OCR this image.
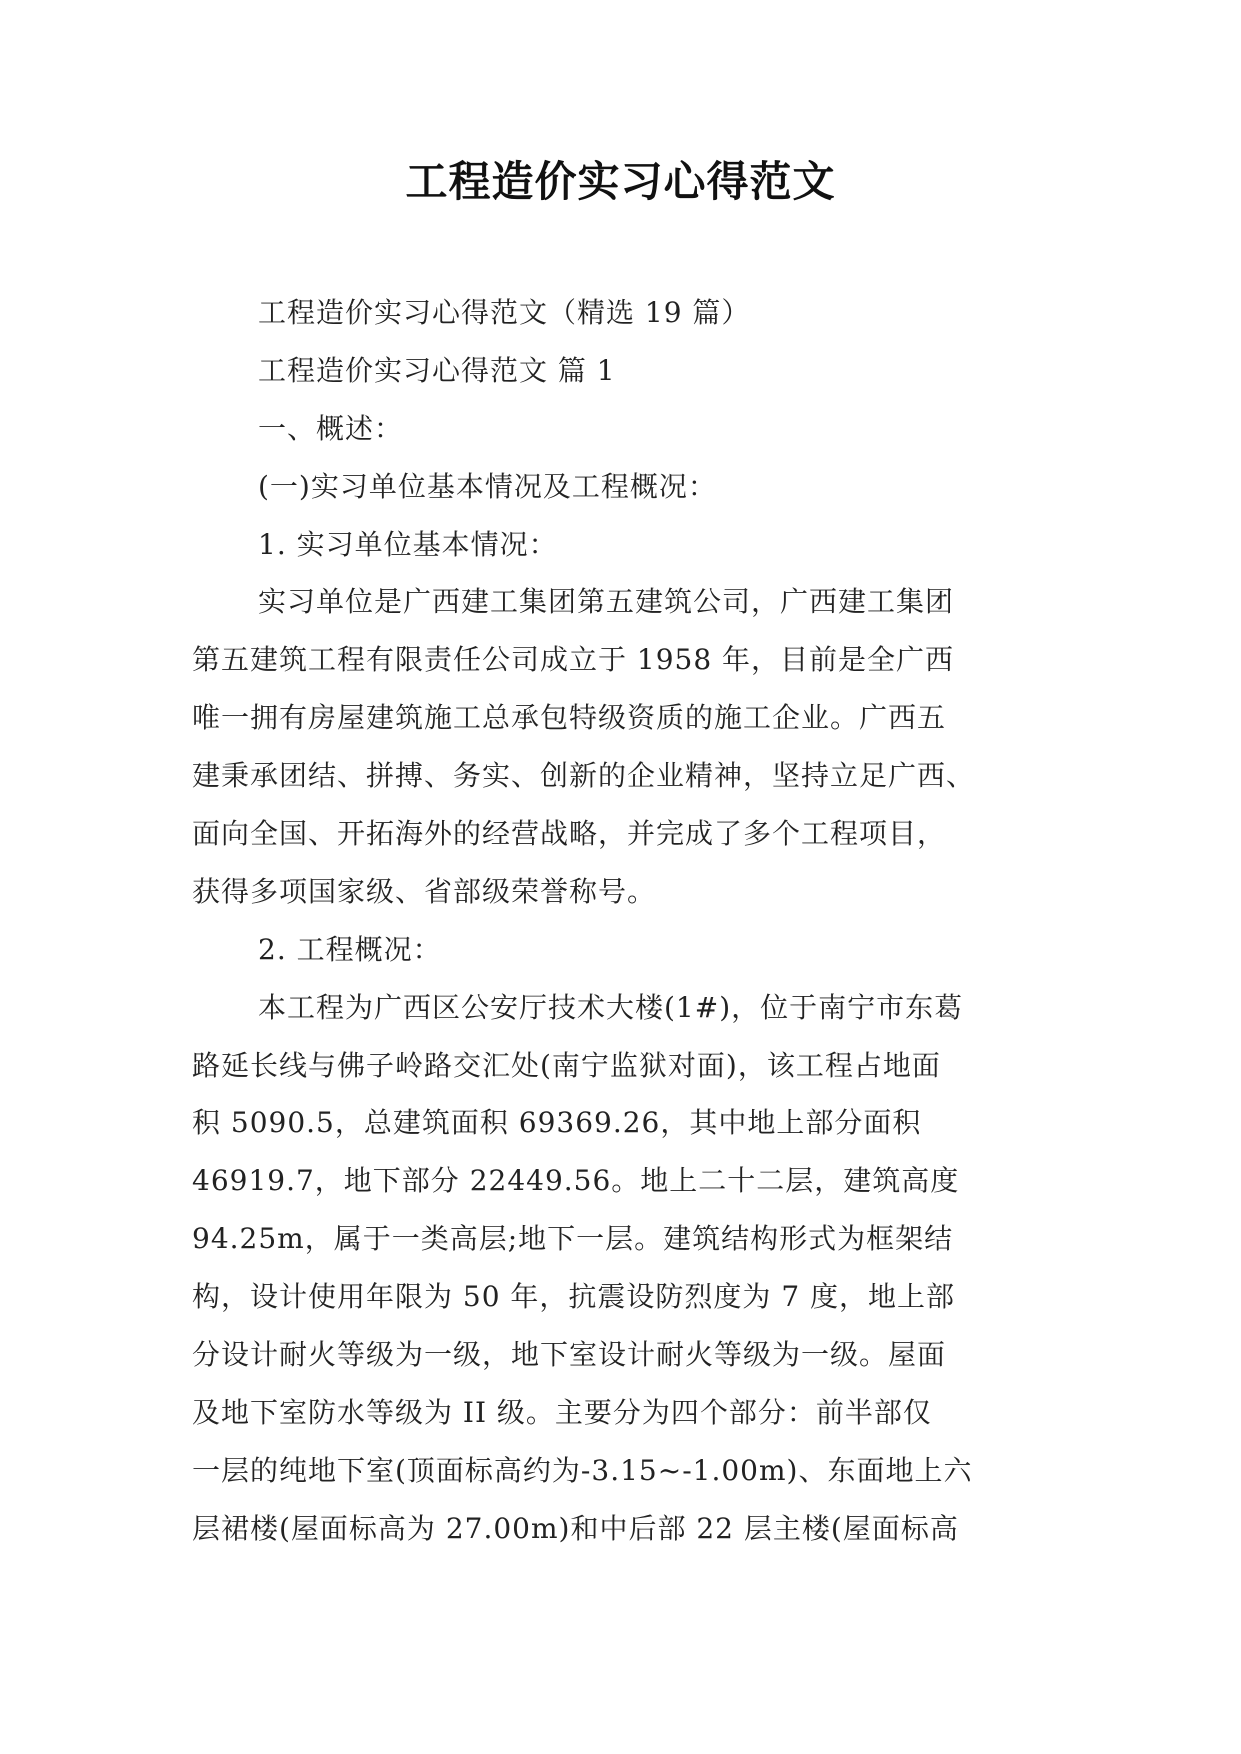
工程造价实习心得范文

工程造价实习心得范文（精选 19 篇）

工程造价实习心得范文 篇 1

一、概述：

(一)实习单位基本情况及工程概况：

1. 实习单位基本情况：

实习单位是广西建工集团第五建筑公司，广西建工集团

第五建筑工程有限责任公司成立于 1958 年，目前是全广西

唯一拥有房屋建筑施工总承包特级资质的施工企业。广西五

建秉承团结、拼搏、务实、创新的企业精神，坚持立足广西、

面向全国、开拓海外的经营战略，并完成了多个工程项目，

获得多项国家级、省部级荣誉称号。

2. 工程概况：

本工程为广西区公安厅技术大楼(1#)，位于南宁市东葛

路延长线与佛子岭路交汇处(南宁监狱对面)，该工程占地面

积 5090.5，总建筑面积 69369.26，其中地上部分面积

46919.7，地下部分 22449.56。地上二十二层，建筑高度

94.25m，属于一类高层;地下一层。建筑结构形式为框架结

构，设计使用年限为 50 年，抗震设防烈度为 7 度，地上部

分设计耐火等级为一级，地下室设计耐火等级为一级。屋面

及地下室防水等级为 II 级。主要分为四个部分：前半部仅

一层的纯地下室(顶面标高约为-3.15~-1.00m)、东面地上六

层裙楼(屋面标高为 27.00m)和中后部 22 层主楼(屋面标高
